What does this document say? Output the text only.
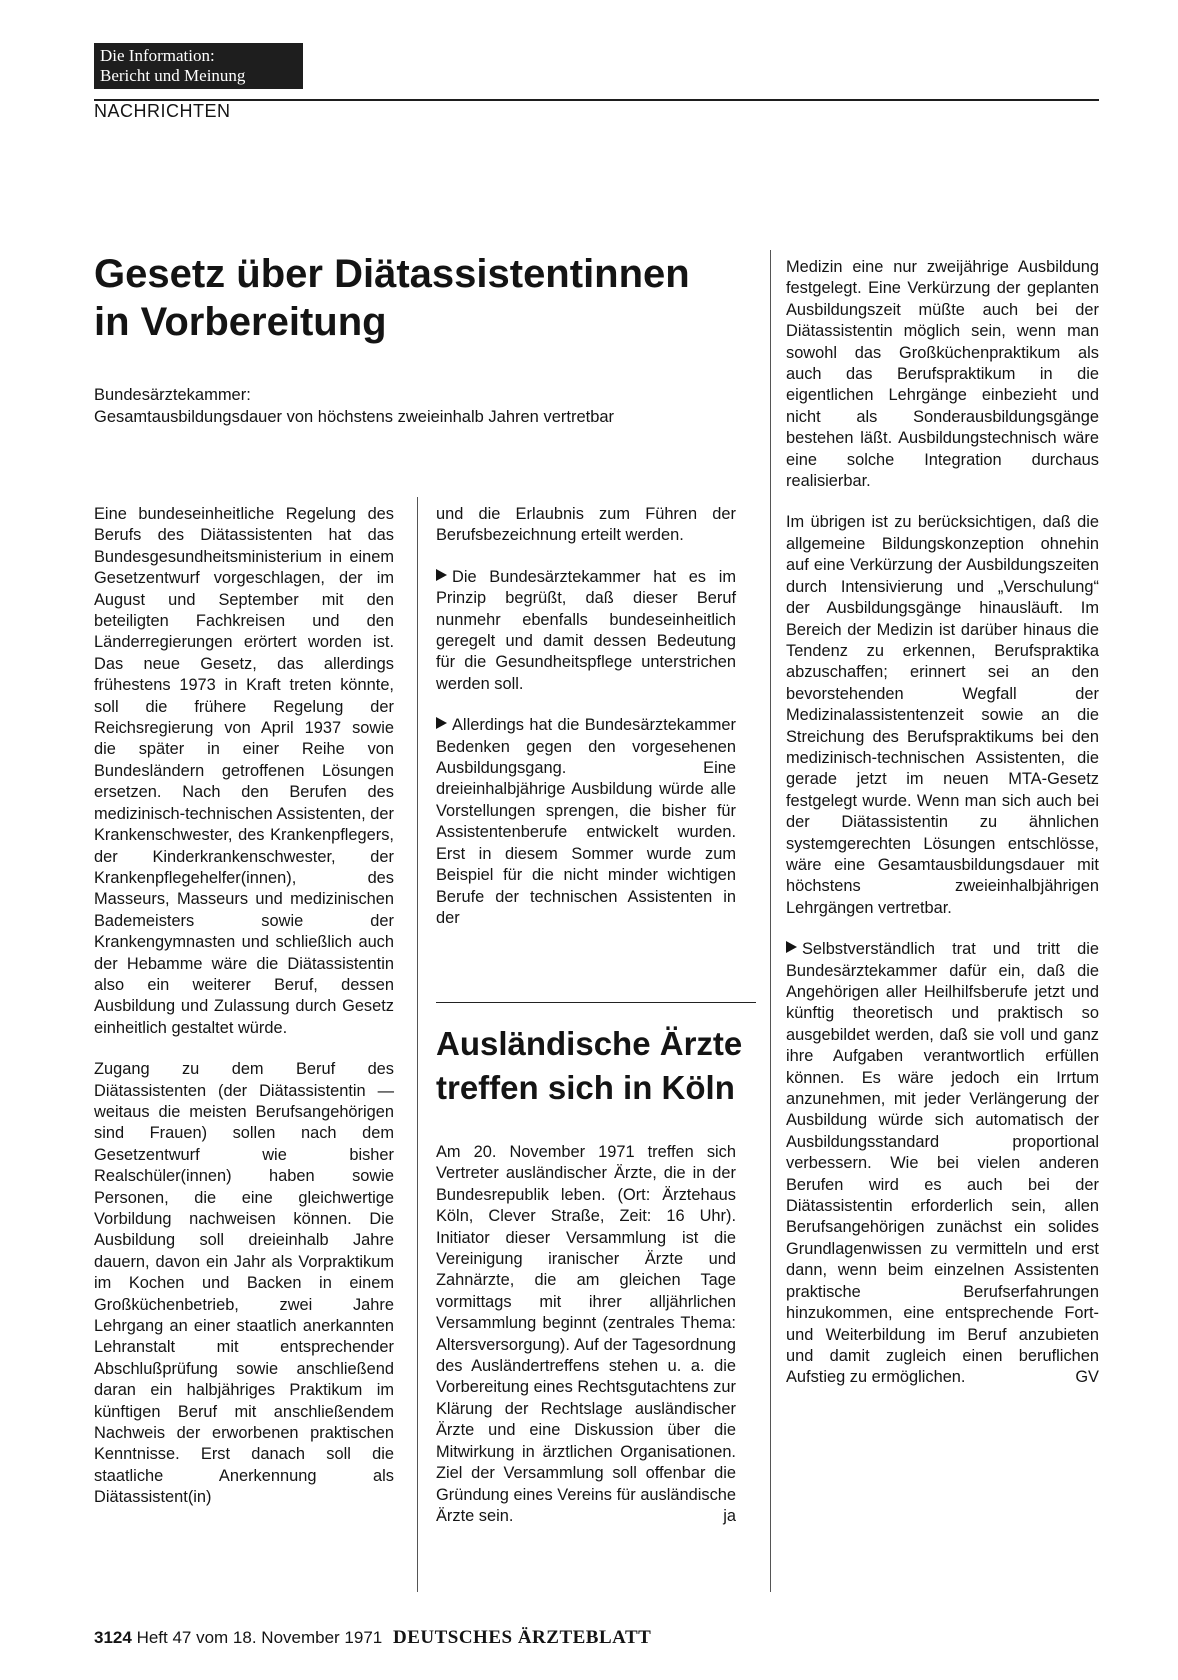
Die Information:
Bericht und Meinung
NACHRICHTEN
Gesetz über Diätassistentinnen
in Vorbereitung
Bundesärztekammer:
Gesamtausbildungsdauer von höchstens zweieinhalb Jahren vertretbar

Eine bundeseinheitliche Regelung des Berufs des Diätassistenten hat das Bundesgesundheitsministerium in einem Gesetzentwurf vorgeschlagen, der im August und September mit den beteiligten Fachkreisen und den Länderregierungen erörtert worden ist. Das neue Gesetz, das allerdings frühestens 1973 in Kraft treten könnte, soll die frühere Regelung der Reichsregierung von April 1937 sowie die später in einer Reihe von Bundesländern getroffenen Lösungen ersetzen. Nach den Berufen des medizinisch-technischen Assistenten, der Krankenschwester, des Krankenpflegers, der Kinderkrankenschwester, der Krankenpflegehelfer(innen), des Masseurs, Masseurs und medizinischen Bademeisters sowie der Krankengymnasten und schließlich auch der Hebamme wäre die Diätassistentin also ein weiterer Beruf, dessen Ausbildung und Zulassung durch Gesetz einheitlich gestaltet würde.

Zugang zu dem Beruf des Diätassistenten (der Diätassistentin — weitaus die meisten Berufsangehörigen sind Frauen) sollen nach dem Gesetzentwurf wie bisher Realschüler(innen) haben sowie Personen, die eine gleichwertige Vorbildung nachweisen können. Die Ausbildung soll dreieinhalb Jahre dauern, davon ein Jahr als Vorpraktikum im Kochen und Backen in einem Großküchenbetrieb, zwei Jahre Lehrgang an einer staatlich anerkannten Lehranstalt mit entsprechender Abschlußprüfung sowie anschließend daran ein halbjähriges Praktikum im künftigen Beruf mit anschließendem Nachweis der erworbenen praktischen Kenntnisse. Erst danach soll die staatliche Anerkennung als Diätassistent(in)

und die Erlaubnis zum Führen der Berufsbezeichnung erteilt werden.

Die Bundesärztekammer hat es im Prinzip begrüßt, daß dieser Beruf nunmehr ebenfalls bundeseinheitlich geregelt und damit dessen Bedeutung für die Gesundheitspflege unterstrichen werden soll.

Allerdings hat die Bundesärztekammer Bedenken gegen den vorgesehenen Ausbildungsgang. Eine dreieinhalbjährige Ausbildung würde alle Vorstellungen sprengen, die bisher für Assistentenberufe entwickelt wurden. Erst in diesem Sommer wurde zum Beispiel für die nicht minder wichtigen Berufe der technischen Assistenten in der

Ausländische Ärzte
treffen sich in Köln

Am 20. November 1971 treffen sich Vertreter ausländischer Ärzte, die in der Bundesrepublik leben. (Ort: Ärztehaus Köln, Clever Straße, Zeit: 16 Uhr). Initiator dieser Versammlung ist die Vereinigung iranischer Ärzte und Zahnärzte, die am gleichen Tage vormittags mit ihrer alljährlichen Versammlung beginnt (zentrales Thema: Altersversorgung). Auf der Tagesordnung des Ausländertreffens stehen u. a. die Vorbereitung eines Rechtsgutachtens zur Klärung der Rechtslage ausländischer Ärzte und eine Diskussion über die Mitwirkung in ärztlichen Organisationen. Ziel der Versammlung soll offenbar die Gründung eines Vereins für ausländische Ärzte sein.	ja

Medizin eine nur zweijährige Ausbildung festgelegt. Eine Verkürzung der geplanten Ausbildungszeit müßte auch bei der Diätassistentin möglich sein, wenn man sowohl das Großküchenpraktikum als auch das Berufspraktikum in die eigentlichen Lehrgänge einbezieht und nicht als Sonderausbildungsgänge bestehen läßt. Ausbildungstechnisch wäre eine solche Integration durchaus realisierbar.

Im übrigen ist zu berücksichtigen, daß die allgemeine Bildungskonzeption ohnehin auf eine Verkürzung der Ausbildungszeiten durch Intensivierung und „Verschulung“ der Ausbildungsgänge hinausläuft. Im Bereich der Medizin ist darüber hinaus die Tendenz zu erkennen, Berufspraktika abzuschaffen; erinnert sei an den bevorstehenden Wegfall der Medizinalassistentenzeit sowie an die Streichung des Berufspraktikums bei den medizinisch-technischen Assistenten, die gerade jetzt im neuen MTA-Gesetz festgelegt wurde. Wenn man sich auch bei der Diätassistentin zu ähnlichen systemgerechten Lösungen entschlösse, wäre eine Gesamtausbildungsdauer mit höchstens zweieinhalbjährigen Lehrgängen vertretbar.

Selbstverständlich trat und tritt die Bundesärztekammer dafür ein, daß die Angehörigen aller Heilhilfsberufe jetzt und künftig theoretisch und praktisch so ausgebildet werden, daß sie voll und ganz ihre Aufgaben verantwortlich erfüllen können. Es wäre jedoch ein Irrtum anzunehmen, mit jeder Verlängerung der Ausbildung würde sich automatisch der Ausbildungsstandard proportional verbessern. Wie bei vielen anderen Berufen wird es auch bei der Diätassistentin erforderlich sein, allen Berufsangehörigen zunächst ein solides Grundlagenwissen zu vermitteln und erst dann, wenn beim einzelnen Assistenten praktische Berufserfahrungen hinzukommen, eine entsprechende Fort- und Weiterbildung im Beruf anzubieten und damit zugleich einen beruflichen Aufstieg zu ermöglichen.	GV

3124 Heft 47 vom 18. November 1971 DEUTSCHES ÄRZTEBLATT
